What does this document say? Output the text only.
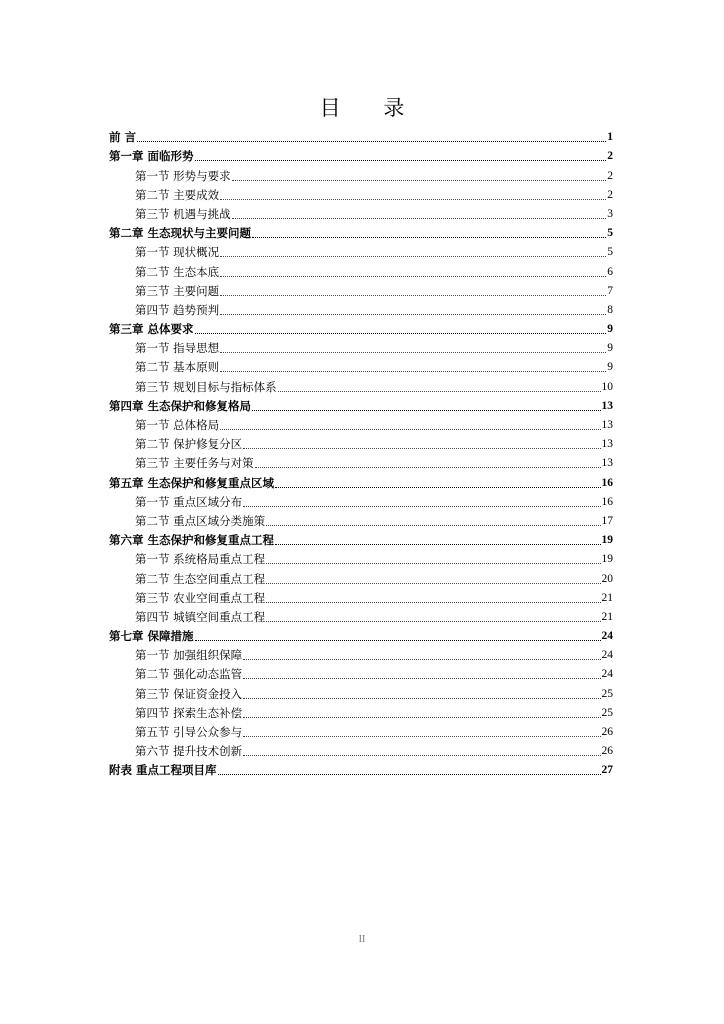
目 录
前 言	1
第一章 面临形势	2
第一节 形势与要求	2
第二节 主要成效	2
第三节 机遇与挑战	3
第二章 生态现状与主要问题	5
第一节 现状概况	5
第二节 生态本底	6
第三节 主要问题	7
第四节 趋势预判	8
第三章 总体要求	9
第一节 指导思想	9
第二节 基本原则	9
第三节 规划目标与指标体系	10
第四章 生态保护和修复格局	13
第一节 总体格局	13
第二节 保护修复分区	13
第三节 主要任务与对策	13
第五章 生态保护和修复重点区域	16
第一节 重点区域分布	16
第二节 重点区域分类施策	17
第六章 生态保护和修复重点工程	19
第一节 系统格局重点工程	19
第二节 生态空间重点工程	20
第三节 农业空间重点工程	21
第四节 城镇空间重点工程	21
第七章 保障措施	24
第一节 加强组织保障	24
第二节 强化动态监管	24
第三节 保证资金投入	25
第四节 探索生态补偿	25
第五节 引导公众参与	26
第六节 提升技术创新	26
附表 重点工程项目库	27
II
